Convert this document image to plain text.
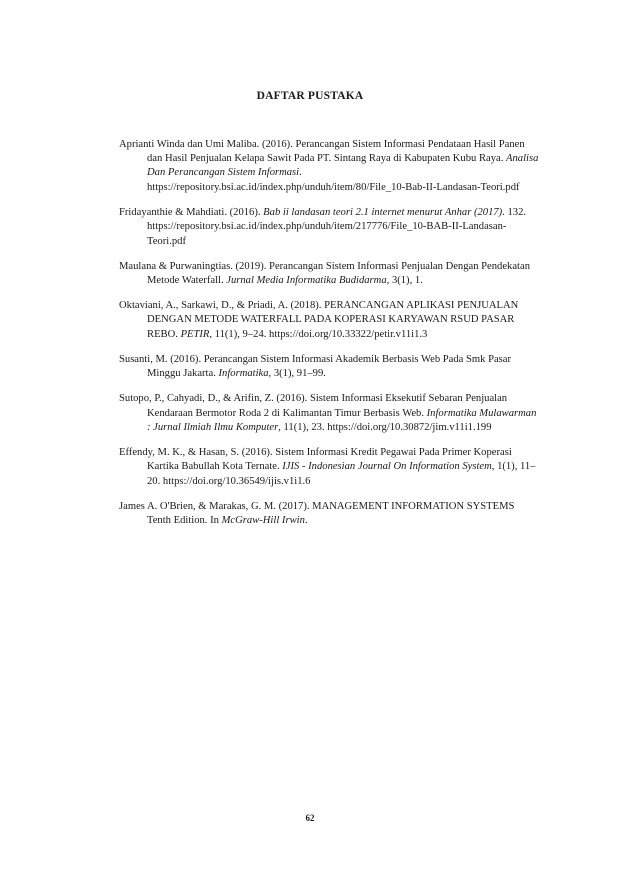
DAFTAR PUSTAKA

Aprianti Winda dan Umi Maliba. (2016). Perancangan Sistem Informasi Pendataan Hasil Panen dan Hasil Penjualan Kelapa Sawit Pada PT. Sintang Raya di Kabupaten Kubu Raya. Analisa Dan Perancangan Sistem Informasi. https://repository.bsi.ac.id/index.php/unduh/item/80/File_10-Bab-II-Landasan-Teori.pdf

Fridayanthie & Mahdiati. (2016). Bab ii landasan teori 2.1 internet menurut Anhar (2017). 132. https://repository.bsi.ac.id/index.php/unduh/item/217776/File_10-BAB-II-Landasan-Teori.pdf

Maulana & Purwaningtias. (2019). Perancangan Sistem Informasi Penjualan Dengan Pendekatan Metode Waterfall. Jurnal Media Informatika Budidarma, 3(1), 1.

Oktaviani, A., Sarkawi, D., & Priadi, A. (2018). PERANCANGAN APLIKASI PENJUALAN DENGAN METODE WATERFALL PADA KOPERASI KARYAWAN RSUD PASAR REBO. PETIR, 11(1), 9–24. https://doi.org/10.33322/petir.v11i1.3

Susanti, M. (2016). Perancangan Sistem Informasi Akademik Berbasis Web Pada Smk Pasar Minggu Jakarta. Informatika, 3(1), 91–99.

Sutopo, P., Cahyadi, D., & Arifin, Z. (2016). Sistem Informasi Eksekutif Sebaran Penjualan Kendaraan Bermotor Roda 2 di Kalimantan Timur Berbasis Web. Informatika Mulawarman : Jurnal Ilmiah Ilmu Komputer, 11(1), 23. https://doi.org/10.30872/jim.v11i1.199

Effendy, M. K., & Hasan, S. (2016). Sistem Informasi Kredit Pegawai Pada Primer Koperasi Kartika Babullah Kota Ternate. IJIS - Indonesian Journal On Information System, 1(1), 11–20. https://doi.org/10.36549/ijis.v1i1.6

James A. O'Brien, & Marakas, G. M. (2017). MANAGEMENT INFORMATION SYSTEMS Tenth Edition. In McGraw-Hill Irwin.

62
